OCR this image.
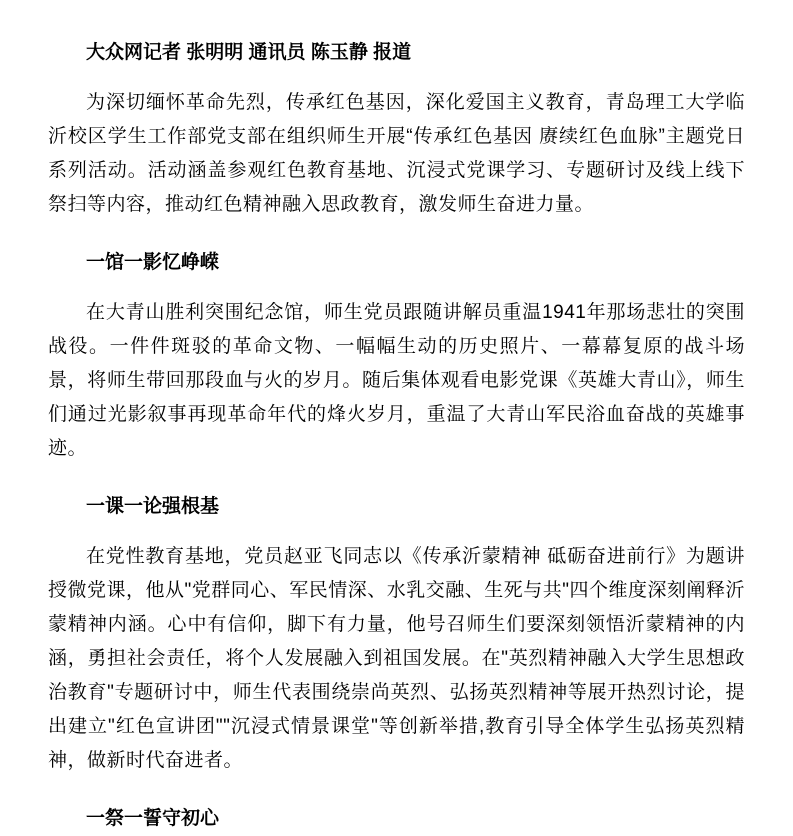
大众网记者 张明明 通讯员 陈玉静 报道

为深切缅怀革命先烈，传承红色基因，深化爱国主义教育，青岛理工大学临沂校区学生工作部党支部在组织师生开展“传承红色基因 赓续红色血脉”主题党日系列活动。活动涵盖参观红色教育基地、沉浸式党课学习、专题研讨及线上线下祭扫等内容，推动红色精神融入思政教育，激发师生奋进力量。

一馆一影忆峥嵘

在大青山胜利突围纪念馆，师生党员跟随讲解员重温1941年那场悲壮的突围战役。一件件斑驳的革命文物、一幅幅生动的历史照片、一幕幕复原的战斗场景，将师生带回那段血与火的岁月。随后集体观看电影党课《英雄大青山》，师生们通过光影叙事再现革命年代的烽火岁月，重温了大青山军民浴血奋战的英雄事迹。

一课一论强根基

在党性教育基地，党员赵亚飞同志以《传承沂蒙精神 砥砺奋进前行》为题讲授微党课，他从"党群同心、军民情深、水乳交融、生死与共"四个维度深刻阐释沂蒙精神内涵。心中有信仰，脚下有力量，他号召师生们要深刻领悟沂蒙精神的内涵，勇担社会责任，将个人发展融入到祖国发展。在"英烈精神融入大学生思想政治教育"专题研讨中，师生代表围绕崇尚英烈、弘扬英烈精神等展开热烈讨论，提出建立"红色宣讲团""沉浸式情景课堂"等创新举措,教育引导全体学生弘扬英烈精神，做新时代奋进者。

一祭一誓守初心
